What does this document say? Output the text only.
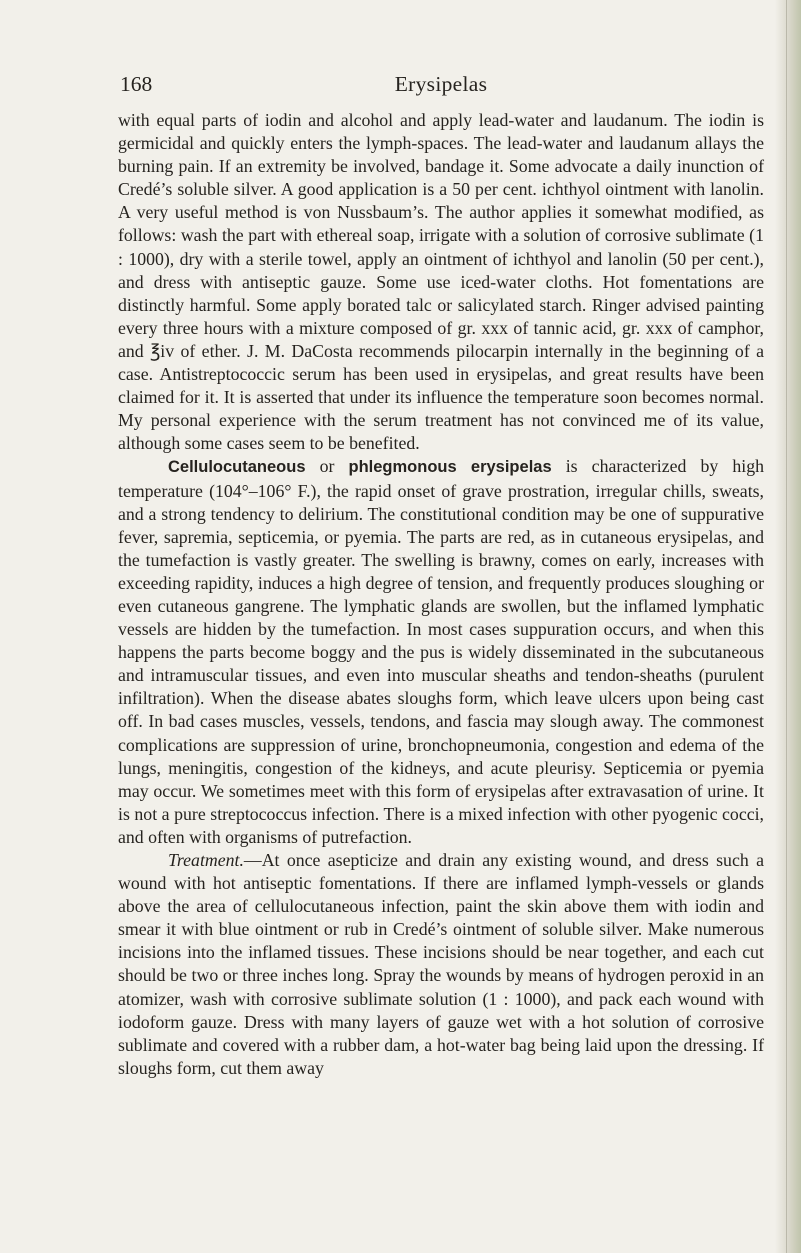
168	Erysipelas

with equal parts of iodin and alcohol and apply lead-water and laudanum. The iodin is germicidal and quickly enters the lymph-spaces. The lead-water and laudanum allays the burning pain. If an extremity be involved, bandage it. Some advocate a daily inunction of Credé’s soluble silver. A good application is a 50 per cent. ichthyol ointment with lanolin. A very useful method is von Nussbaum’s. The author applies it somewhat modified, as follows: wash the part with ethereal soap, irrigate with a solution of corrosive sublimate (1 : 1000), dry with a sterile towel, apply an ointment of ichthyol and lanolin (50 per cent.), and dress with antiseptic gauze. Some use iced-water cloths. Hot fomentations are distinctly harmful. Some apply borated talc or salicylated starch. Ringer advised painting every three hours with a mixture composed of gr. xxx of tannic acid, gr. xxx of camphor, and ℥iv of ether. J. M. DaCosta recommends pilocarpin internally in the beginning of a case. Antistreptococcic serum has been used in erysipelas, and great results have been claimed for it. It is asserted that under its influence the temperature soon becomes normal. My personal experience with the serum treatment has not convinced me of its value, although some cases seem to be benefited.

Cellulocutaneous or phlegmonous erysipelas is characterized by high temperature (104°–106° F.), the rapid onset of grave prostration, irregular chills, sweats, and a strong tendency to delirium. The constitutional condition may be one of suppurative fever, sapremia, septicemia, or pyemia. The parts are red, as in cutaneous erysipelas, and the tumefaction is vastly greater. The swelling is brawny, comes on early, increases with exceeding rapidity, induces a high degree of tension, and frequently produces sloughing or even cutaneous gangrene. The lymphatic glands are swollen, but the inflamed lymphatic vessels are hidden by the tumefaction. In most cases suppuration occurs, and when this happens the parts become boggy and the pus is widely disseminated in the subcutaneous and intramuscular tissues, and even into muscular sheaths and tendon-sheaths (purulent infiltration). When the disease abates sloughs form, which leave ulcers upon being cast off. In bad cases muscles, vessels, tendons, and fascia may slough away. The commonest complications are suppression of urine, bronchopneumonia, congestion and edema of the lungs, meningitis, congestion of the kidneys, and acute pleurisy. Septicemia or pyemia may occur. We sometimes meet with this form of erysipelas after extravasation of urine. It is not a pure streptococcus infection. There is a mixed infection with other pyogenic cocci, and often with organisms of putrefaction.

Treatment.—At once asepticize and drain any existing wound, and dress such a wound with hot antiseptic fomentations. If there are inflamed lymph-vessels or glands above the area of cellulocutaneous infection, paint the skin above them with iodin and smear it with blue ointment or rub in Credé’s ointment of soluble silver. Make numerous incisions into the inflamed tissues. These incisions should be near together, and each cut should be two or three inches long. Spray the wounds by means of hydrogen peroxid in an atomizer, wash with corrosive sublimate solution (1 : 1000), and pack each wound with iodoform gauze. Dress with many layers of gauze wet with a hot solution of corrosive sublimate and covered with a rubber dam, a hot-water bag being laid upon the dressing. If sloughs form, cut them away
